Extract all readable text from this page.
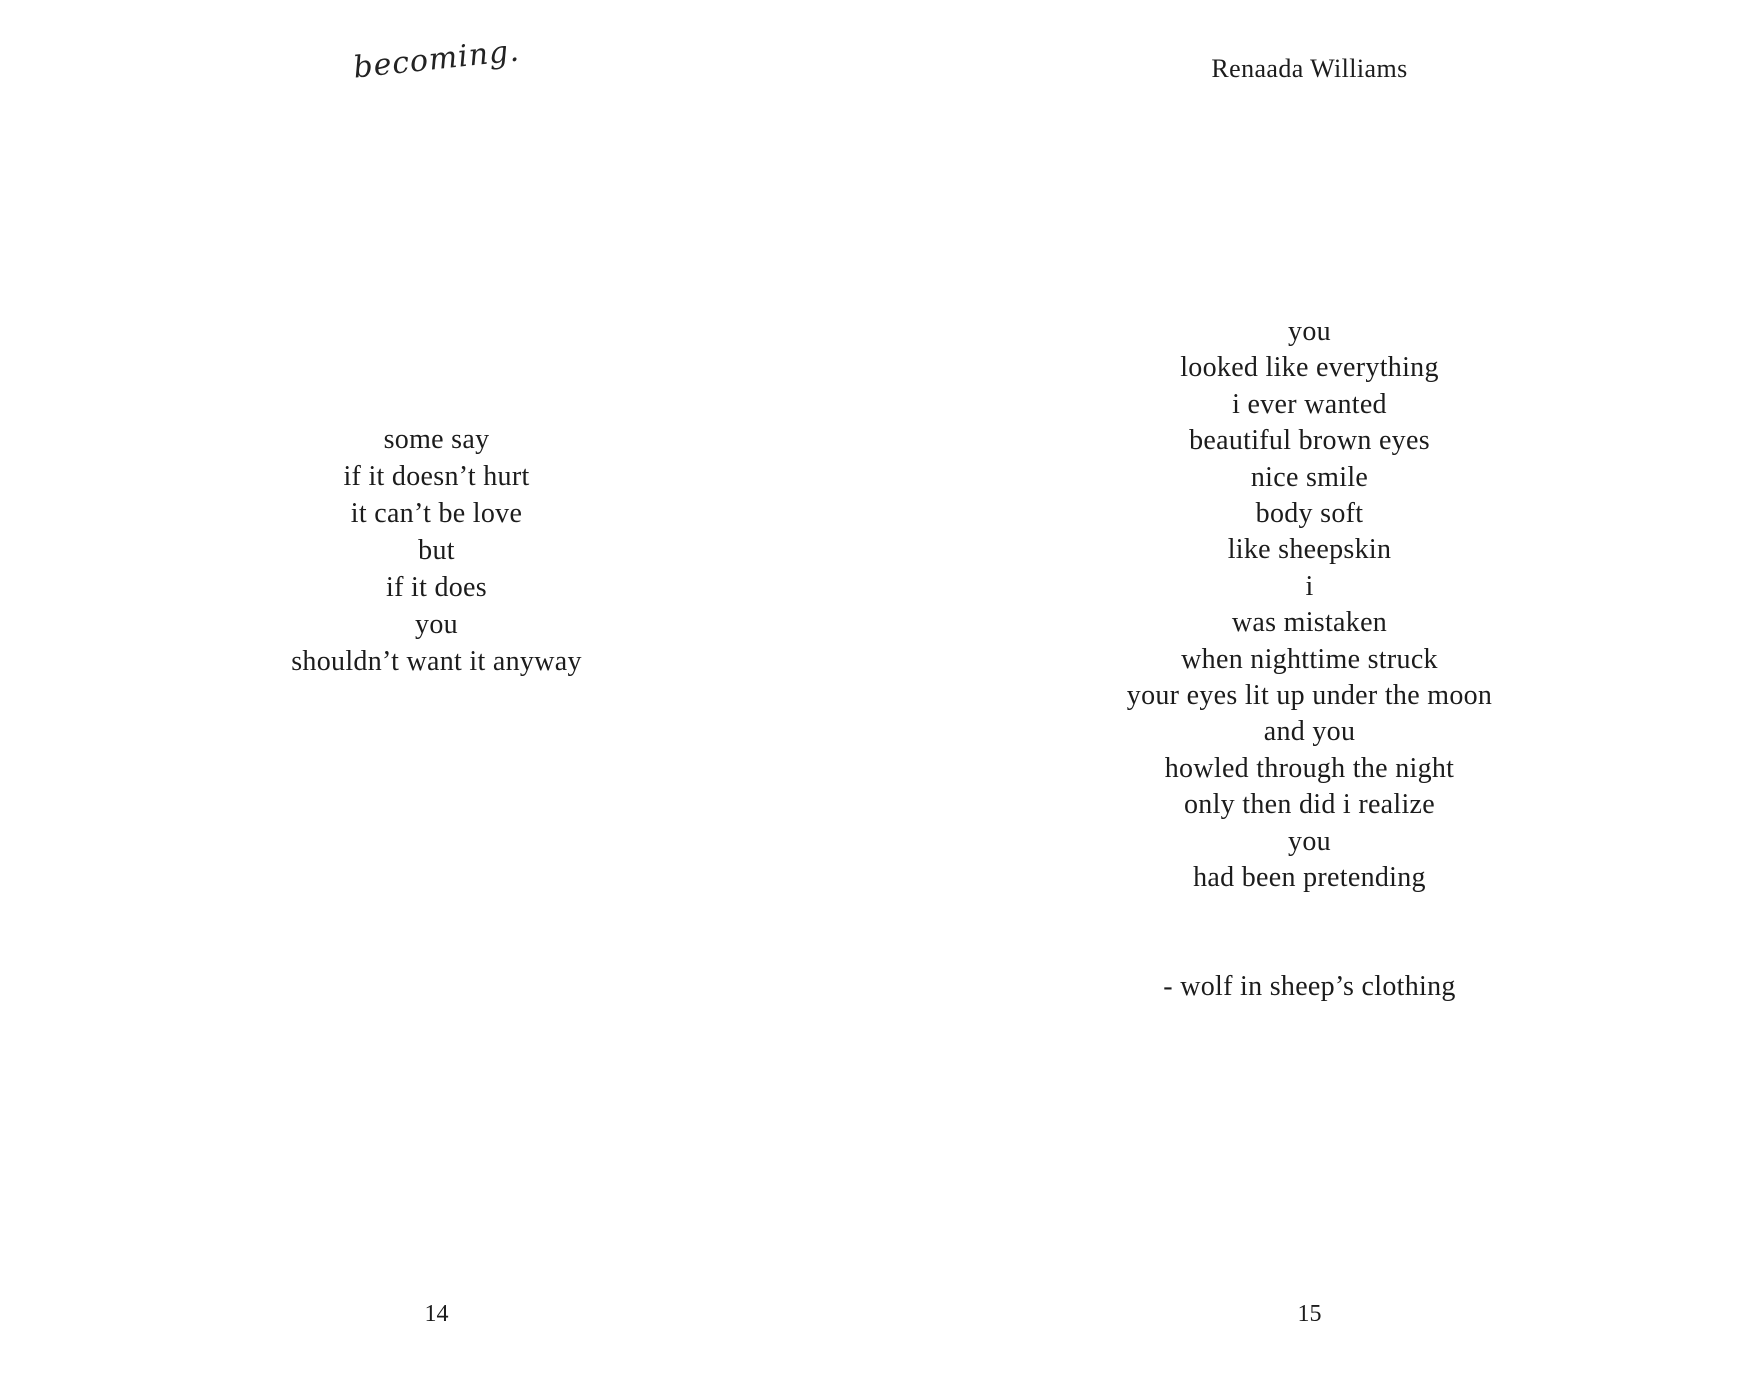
becoming.
some say
if it doesn’t hurt
it can’t be love
but
if it does
you
shouldn’t want it anyway
14
Renaada Williams
you
looked like everything
i ever wanted
beautiful brown eyes
nice smile
body soft
like sheepskin
i
was mistaken
when nighttime struck
your eyes lit up under the moon
and you
howled through the night
only then did i realize
you
had been pretending
- wolf in sheep’s clothing
15
